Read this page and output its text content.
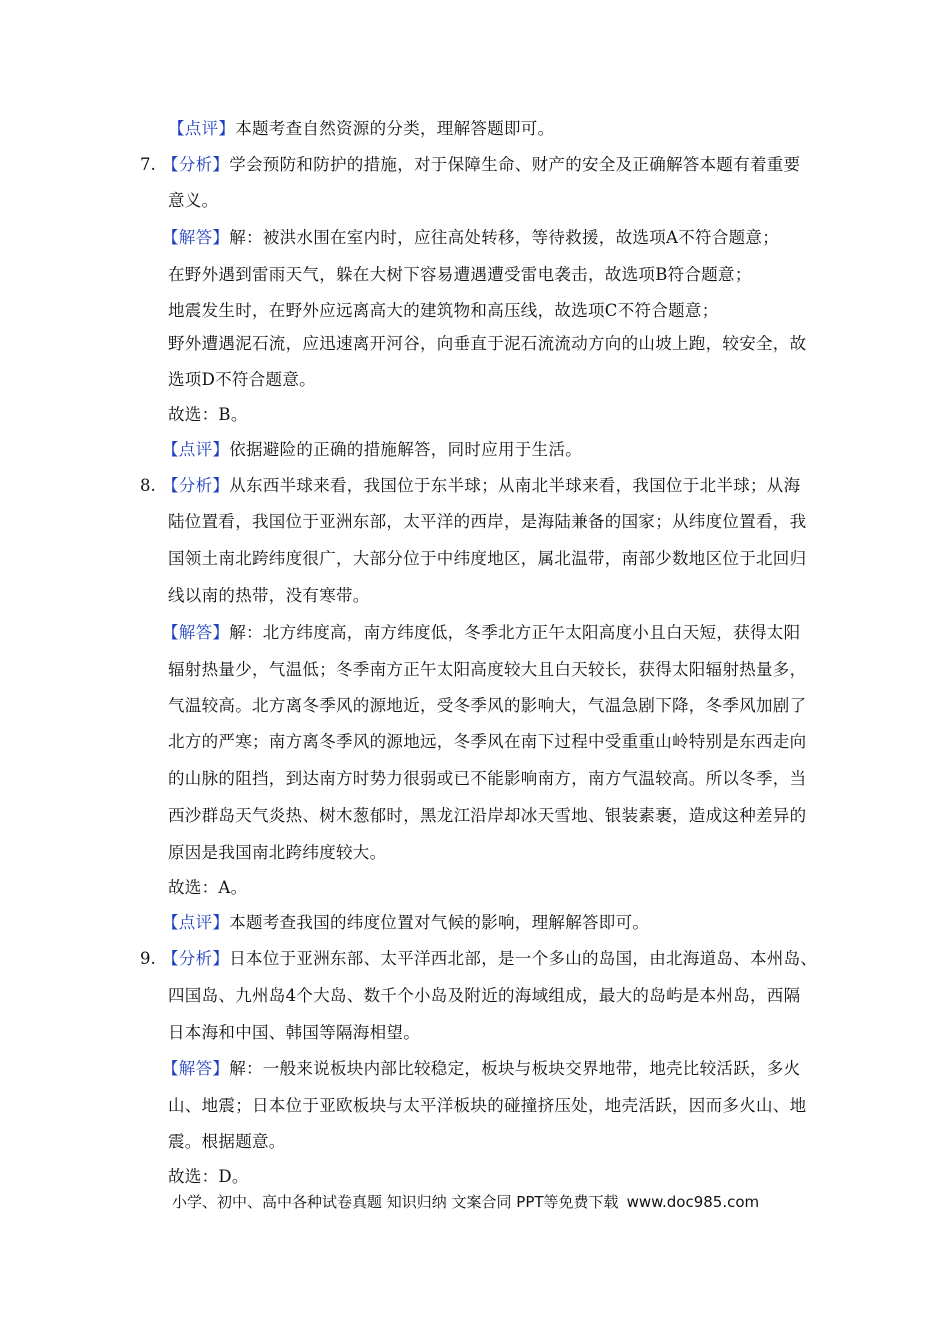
【点评】本题考查自然资源的分类，理解答题即可。
7. 【分析】学会预防和防护的措施，对于保障生命、财产的安全及正确解答本题有着重要
意义。
【解答】解：被洪水围在室内时，应往高处转移，等待救援，故选项A不符合题意；
在野外遇到雷雨天气，躲在大树下容易遭遇遭受雷电袭击，故选项B符合题意；
地震发生时，在野外应远离高大的建筑物和高压线，故选项C不符合题意；
野外遭遇泥石流，应迅速离开河谷，向垂直于泥石流流动方向的山坡上跑，较安全，故
选项D不符合题意。
故选：B。
【点评】依据避险的正确的措施解答，同时应用于生活。
8. 【分析】从东西半球来看，我国位于东半球；从南北半球来看，我国位于北半球；从海
陆位置看，我国位于亚洲东部，太平洋的西岸，是海陆兼备的国家；从纬度位置看，我
国领土南北跨纬度很广，大部分位于中纬度地区，属北温带，南部少数地区位于北回归
线以南的热带，没有寒带。
【解答】解：北方纬度高，南方纬度低，冬季北方正午太阳高度小且白天短，获得太阳
辐射热量少，气温低；冬季南方正午太阳高度较大且白天较长，获得太阳辐射热量多，
气温较高。北方离冬季风的源地近，受冬季风的影响大，气温急剧下降，冬季风加剧了
北方的严寒；南方离冬季风的源地远，冬季风在南下过程中受重重山岭特别是东西走向
的山脉的阻挡，到达南方时势力很弱或已不能影响南方，南方气温较高。所以冬季，当
西沙群岛天气炎热、树木葱郁时，黑龙江沿岸却冰天雪地、银装素裹，造成这种差异的
原因是我国南北跨纬度较大。
故选：A。
【点评】本题考查我国的纬度位置对气候的影响，理解解答即可。
9. 【分析】日本位于亚洲东部、太平洋西北部，是一个多山的岛国，由北海道岛、本州岛、
四国岛、九州岛4个大岛、数千个小岛及附近的海域组成，最大的岛屿是本州岛，西隔
日本海和中国、韩国等隔海相望。
【解答】解：一般来说板块内部比较稳定，板块与板块交界地带，地壳比较活跃，多火
山、地震；日本位于亚欧板块与太平洋板块的碰撞挤压处，地壳活跃，因而多火山、地
震。根据题意。
故选：D。
小学、初中、高中各种试卷真题 知识归纳 文案合同 PPT等免费下载 www.doc985.com
